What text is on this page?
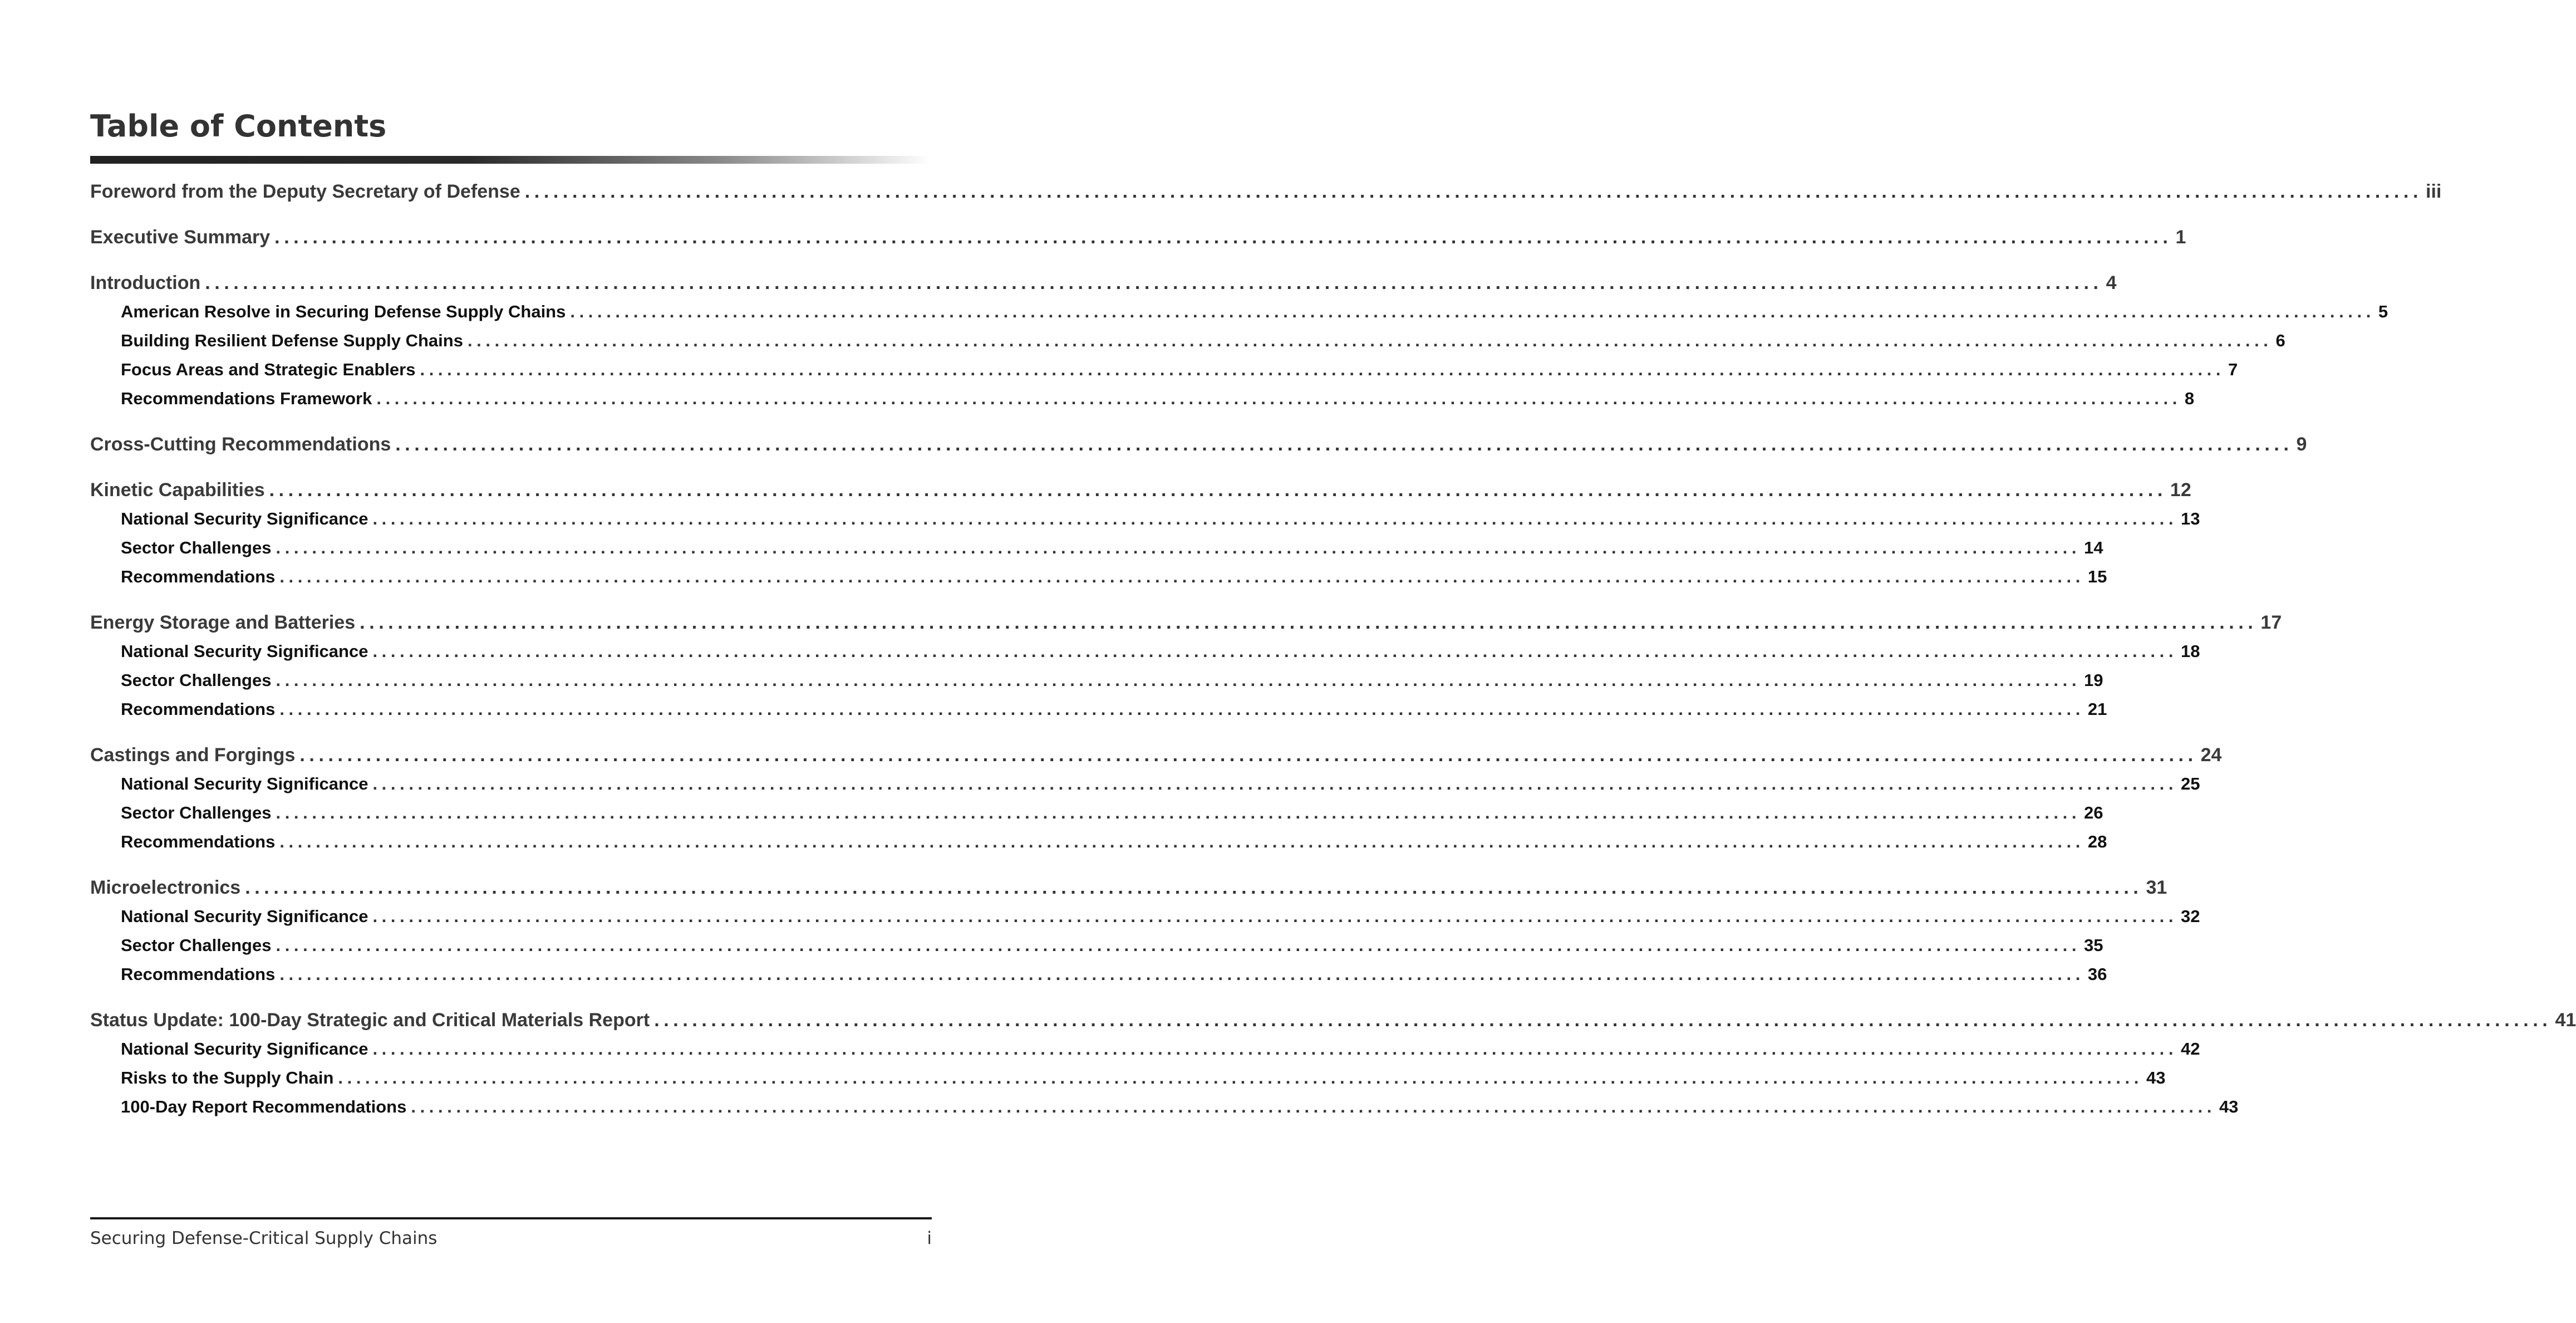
Table of Contents
Foreword from the Deputy Secretary of Defense ........................................................................................................................................................................................................ iii
Executive Summary ........................................................................................................................................................................................................ 1
Introduction ........................................................................................................................................................................................................ 4
American Resolve in Securing Defense Supply Chains ........................................................................................................................................................................................................ 5
Building Resilient Defense Supply Chains ........................................................................................................................................................................................................ 6
Focus Areas and Strategic Enablers ........................................................................................................................................................................................................ 7
Recommendations Framework ........................................................................................................................................................................................................ 8
Cross-Cutting Recommendations ........................................................................................................................................................................................................ 9
Kinetic Capabilities ........................................................................................................................................................................................................ 12
National Security Significance ........................................................................................................................................................................................................ 13
Sector Challenges ........................................................................................................................................................................................................ 14
Recommendations ........................................................................................................................................................................................................ 15
Energy Storage and Batteries ........................................................................................................................................................................................................ 17
National Security Significance ........................................................................................................................................................................................................ 18
Sector Challenges ........................................................................................................................................................................................................ 19
Recommendations ........................................................................................................................................................................................................ 21
Castings and Forgings ........................................................................................................................................................................................................ 24
National Security Significance ........................................................................................................................................................................................................ 25
Sector Challenges ........................................................................................................................................................................................................ 26
Recommendations ........................................................................................................................................................................................................ 28
Microelectronics ........................................................................................................................................................................................................ 31
National Security Significance ........................................................................................................................................................................................................ 32
Sector Challenges ........................................................................................................................................................................................................ 35
Recommendations ........................................................................................................................................................................................................ 36
Status Update: 100-Day Strategic and Critical Materials Report ........................................................................................................................................................................................................ 41
National Security Significance ........................................................................................................................................................................................................ 42
Risks to the Supply Chain ........................................................................................................................................................................................................ 43
100-Day Report Recommendations ........................................................................................................................................................................................................ 43
Securing Defense-Critical Supply Chains	i
